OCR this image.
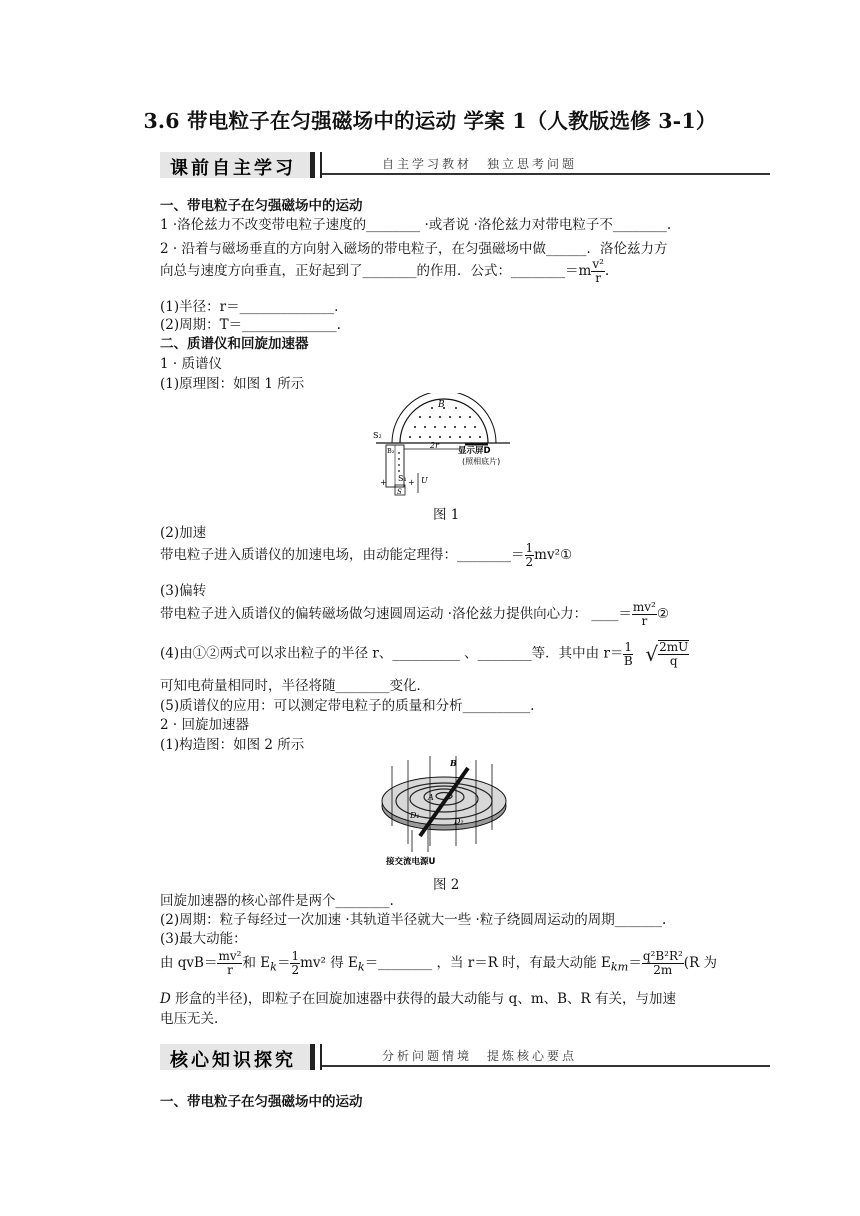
3.6 带电粒子在匀强磁场中的运动 学案 1（人教版选修 3-1）
课前自主学习	自主学习教材　独立思考问题
一、带电粒子在匀强磁场中的运动
1 ·洛伦兹力不改变带电粒子速度的________ ·或者说 ·洛伦兹力对带电粒子不________.
2 · 沿着与磁场垂直的方向射入磁场的带电粒子，在匀强磁场中做______．洛伦兹力方
向总与速度方向垂直，正好起到了________的作用．公式：________＝m $\frac{\text{v²}}{r}$ .
(1)半径：r＝______________.
(2)周期：T＝______________.
二、质谱仪和回旋加速器
1 · 质谱仪
(1)原理图：如图 1 所示
B
S₂
2r
显示屏D
(照相底片)
B₂
S₁
+	+ U
S
图 1
(2)加速
带电粒子进入质谱仪的加速电场，由动能定理得：________＝ $\frac{1}{2}$ mv²①
(3)偏转
带电粒子进入质谱仪的偏转磁场做匀速圆周运动 ·洛伦兹力提供向心力： ____＝ $\frac{\text{mv²}}{r}$ ②
(4)由①②两式可以求出粒子的半径 r、__________ 、________等．其中由 $r= \frac{1}{B}$ √ $\frac{2mU}{q}$
可知电荷量相同时，半径将随________变化．
(5)质谱仪的应用：可以测定带电粒子的质量和分析__________.
2 · 回旋加速器
(1)构造图：如图 2 所示
B
A
D₁
D₂
接交流电源U
图 2
回旋加速器的核心部件是两个________.
(2)周期：粒子每经过一次加速 ·其轨道半径就大一些 ·粒子绕圆周运动的周期_______.
(3)最大动能：
由 $qvB= \frac{\text{mv²}}{r}$ 和 $E_k= \frac{1}{2} mv^2$ 得 $E_k=\_\_\_\_\_\_\_\_$ ，当 r＝R 时，有最大动能 $E_{km}= \frac{\text{q²B²R²}}{2m} (R$ 为
D 形盒的半径)，即粒子在回旋加速器中获得的最大动能与 q、m、B、R 有关，与加速
电压无关.
核心知识探究	分析问题情境　提炼核心要点
一、带电粒子在匀强磁场中的运动
